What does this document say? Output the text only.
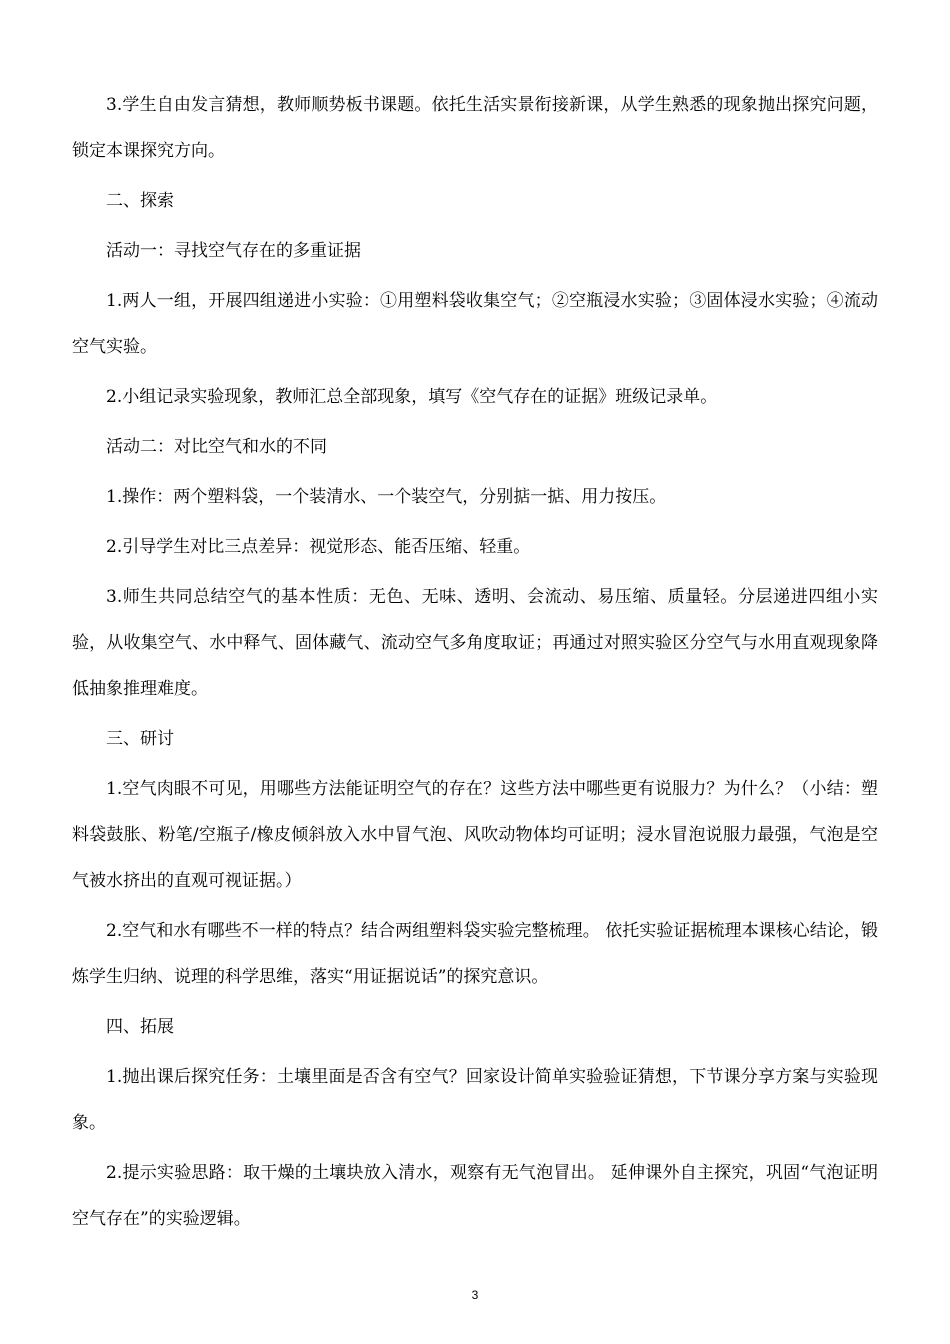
3.学生自由发言猜想，教师顺势板书课题。依托生活实景衔接新课，从学生熟悉的现象抛出探究问题，锁定本课探究方向。

二、探索

活动一：寻找空气存在的多重证据

1.两人一组，开展四组递进小实验：①用塑料袋收集空气；②空瓶浸水实验；③固体浸水实验；④流动空气实验。

2.小组记录实验现象，教师汇总全部现象，填写《空气存在的证据》班级记录单。

活动二：对比空气和水的不同

1.操作：两个塑料袋，一个装清水、一个装空气，分别掂一掂、用力按压。

2.引导学生对比三点差异：视觉形态、能否压缩、轻重。

3.师生共同总结空气的基本性质：无色、无味、透明、会流动、易压缩、质量轻。分层递进四组小实验，从收集空气、水中释气、固体藏气、流动空气多角度取证；再通过对照实验区分空气与水用直观现象降低抽象推理难度。

三、研讨

1.空气肉眼不可见，用哪些方法能证明空气的存在？这些方法中哪些更有说服力？为什么？（小结：塑料袋鼓胀、粉笔/空瓶子/橡皮倾斜放入水中冒气泡、风吹动物体均可证明；浸水冒泡说服力最强，气泡是空气被水挤出的直观可视证据。）

2.空气和水有哪些不一样的特点？结合两组塑料袋实验完整梳理。 依托实验证据梳理本课核心结论，锻炼学生归纳、说理的科学思维，落实“用证据说话”的探究意识。

四、拓展

1.抛出课后探究任务：土壤里面是否含有空气？回家设计简单实验验证猜想，下节课分享方案与实验现象。

2.提示实验思路：取干燥的土壤块放入清水，观察有无气泡冒出。 延伸课外自主探究，巩固“气泡证明空气存在”的实验逻辑。

3
